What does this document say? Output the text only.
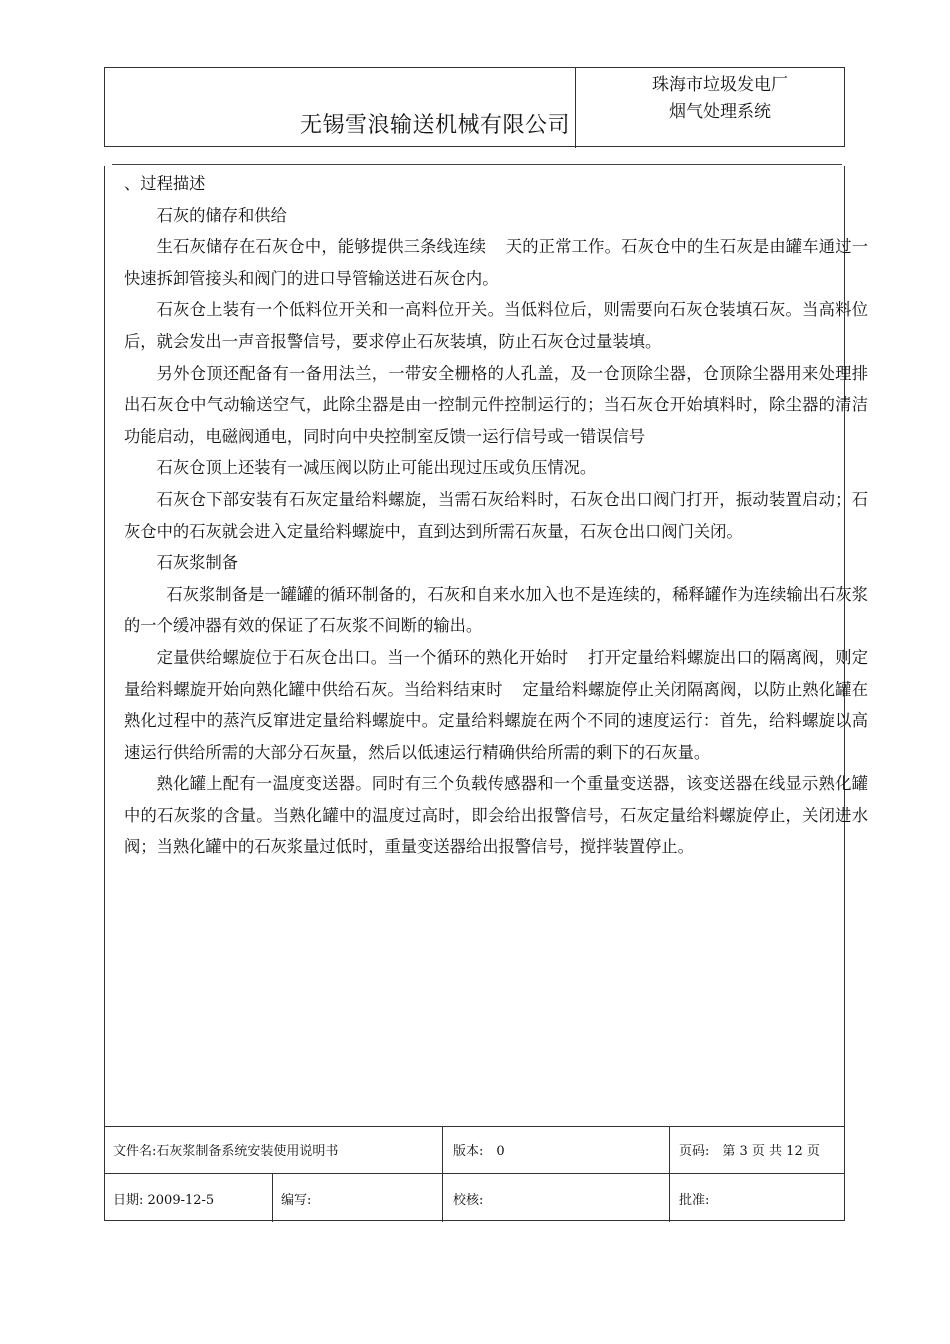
无锡雪浪输送机械有限公司
珠海市垃圾发电厂
烟气处理系统

、过程描述

石灰的储存和供给

生石灰储存在石灰仓中，能够提供三条线连续 天的正常工作。石灰仓中的生石灰是由罐车通过一快速拆卸管接头和阀门的进口导管输送进石灰仓内。

石灰仓上装有一个低料位开关和一高料位开关。当低料位后，则需要向石灰仓装填石灰。当高料位后，就会发出一声音报警信号，要求停止石灰装填，防止石灰仓过量装填。

另外仓顶还配备有一备用法兰，一带安全栅格的人孔盖，及一仓顶除尘器，仓顶除尘器用来处理排出石灰仓中气动输送空气，此除尘器是由一控制元件控制运行的；当石灰仓开始填料时，除尘器的清洁功能启动，电磁阀通电，同时向中央控制室反馈一运行信号或一错误信号

石灰仓顶上还装有一减压阀以防止可能出现过压或负压情况。

石灰仓下部安装有石灰定量给料螺旋，当需石灰给料时，石灰仓出口阀门打开，振动装置启动；石灰仓中的石灰就会进入定量给料螺旋中，直到达到所需石灰量，石灰仓出口阀门关闭。

石灰浆制备

石灰浆制备是一罐罐的循环制备的，石灰和自来水加入也不是连续的，稀释罐作为连续输出石灰浆的一个缓冲器有效的保证了石灰浆不间断的输出。

定量供给螺旋位于石灰仓出口。当一个循环的熟化开始时 打开定量给料螺旋出口的隔离阀，则定量给料螺旋开始向熟化罐中供给石灰。当给料结束时 定量给料螺旋停止关闭隔离阀，以防止熟化罐在熟化过程中的蒸汽反窜进定量给料螺旋中。定量给料螺旋在两个不同的速度运行：首先，给料螺旋以高速运行供给所需的大部分石灰量，然后以低速运行精确供给所需的剩下的石灰量。

熟化罐上配有一温度变送器。同时有三个负载传感器和一个重量变送器，该变送器在线显示熟化罐中的石灰浆的含量。当熟化罐中的温度过高时，即会给出报警信号，石灰定量给料螺旋停止，关闭进水阀；当熟化罐中的石灰浆量过低时，重量变送器给出报警信号，搅拌装置停止。

文件名:石灰浆制备系统安装使用说明书	版本:　0	页码:　第 3 页 共 12 页
日期: 2009-12-5	编写:	校核:	批准:
